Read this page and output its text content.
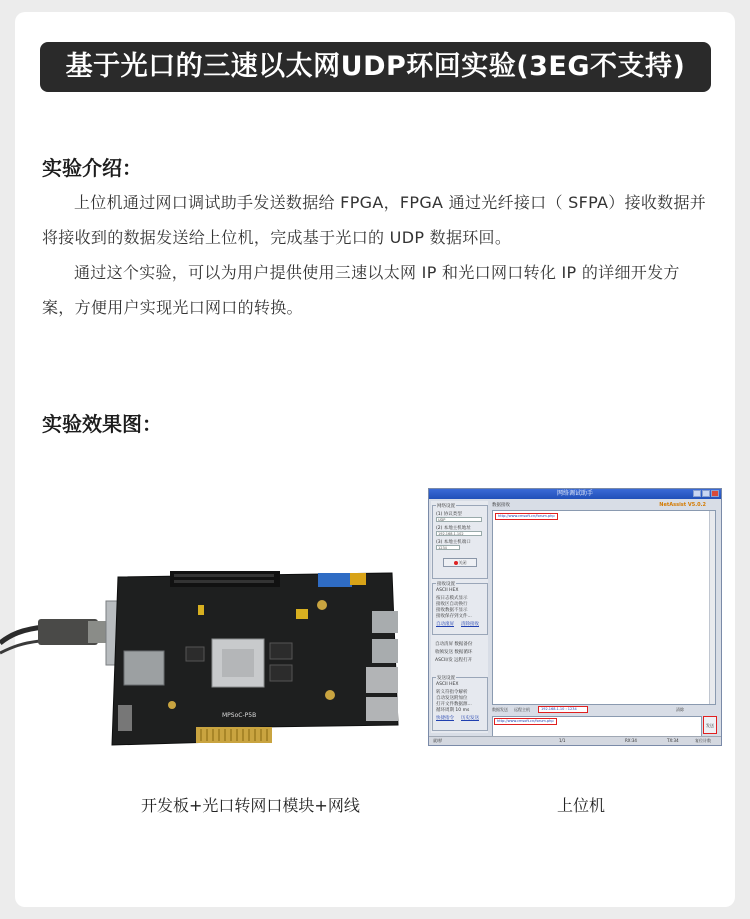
基于光口的三速以太网UDP环回实验(3EG不支持)
实验介绍：

上位机通过网口调试助手发送数据给 FPGA，FPGA 通过光纤接口（ SFPA）接收数据并将接收到的数据发送给上位机，完成基于光口的 UDP 数据环回。

通过这个实验，可以为用户提供使用三速以太网 IP 和光口网口转化 IP 的详细开发方案，方便用户实现光口网口的转换。

实验效果图：
MPSoC-P5B
开发板+光口转网口模块+网线	上位机
网络调试助手
网络设置
(1) 协议类型
UDP
(2) 本地主机地址
192.168.1.102
(3) 本地主机端口
1234
关闭
接收设置
ASCII HEX
按日志模式显示
接收区自动换行
接收数据不显示
接收保存到文件...
自动滚屏 清除接收
自动清屏 数据备份
收帧发送 数据循环
ASCII/发 远程打开
发送设置
ASCII HEX
转义符指令解析
自动发送附加位
打开文件数据源...
循环周期 10 ms
快捷指令 历史发送
数据接收	NetAssist V5.0.2
http://www.cmsoft.cn/forum.php
数据发送 远程主机	192.168.1.10 : 1234	清除
http://www.cmsoft.cn/forum.php
发送
就绪!	1/1	RX:34	TX:34	复位计数
